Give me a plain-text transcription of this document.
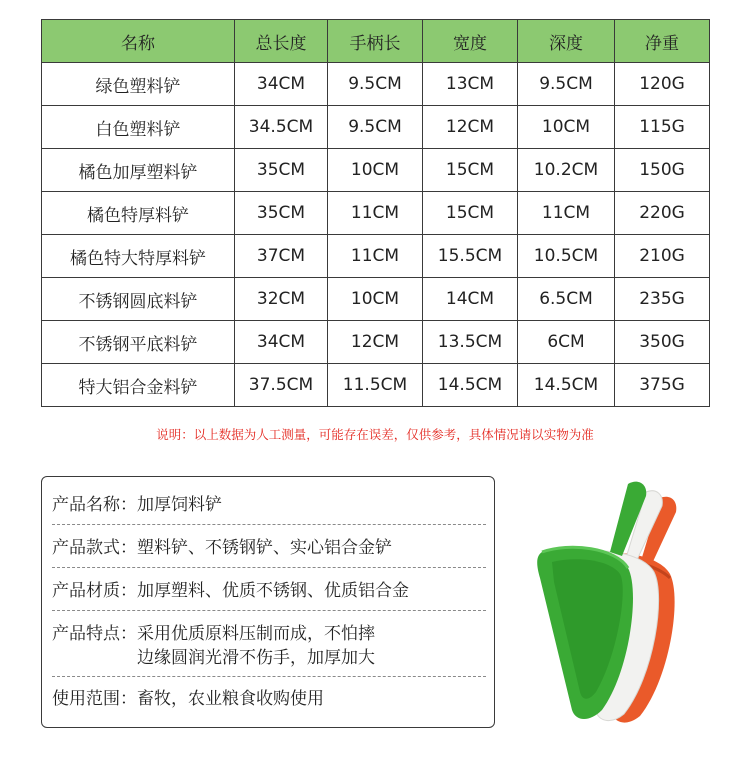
名称	总长度	手柄长	宽度	深度	净重
绿色塑料铲	34CM	9.5CM	13CM	9.5CM	120G
白色塑料铲	34.5CM	9.5CM	12CM	10CM	115G
橘色加厚塑料铲	35CM	10CM	15CM	10.2CM	150G
橘色特厚料铲	35CM	11CM	15CM	11CM	220G
橘色特大特厚料铲	37CM	11CM	15.5CM	10.5CM	210G
不锈钢圆底料铲	32CM	10CM	14CM	6.5CM	235G
不锈钢平底料铲	34CM	12CM	13.5CM	6CM	350G
特大铝合金料铲	37.5CM	11.5CM	14.5CM	14.5CM	375G
说明：以上数据为人工测量，可能存在误差，仅供参考，具体情况请以实物为准
产品名称： 加厚饲料铲
产品款式： 塑料铲、不锈钢铲、实心铝合金铲
产品材质： 加厚塑料、优质不锈钢、优质铝合金
产品特点： 采用优质原料压制而成，不怕摔
边缘圆润光滑不伤手，加厚加大
使用范围： 畜牧，农业粮食收购使用
